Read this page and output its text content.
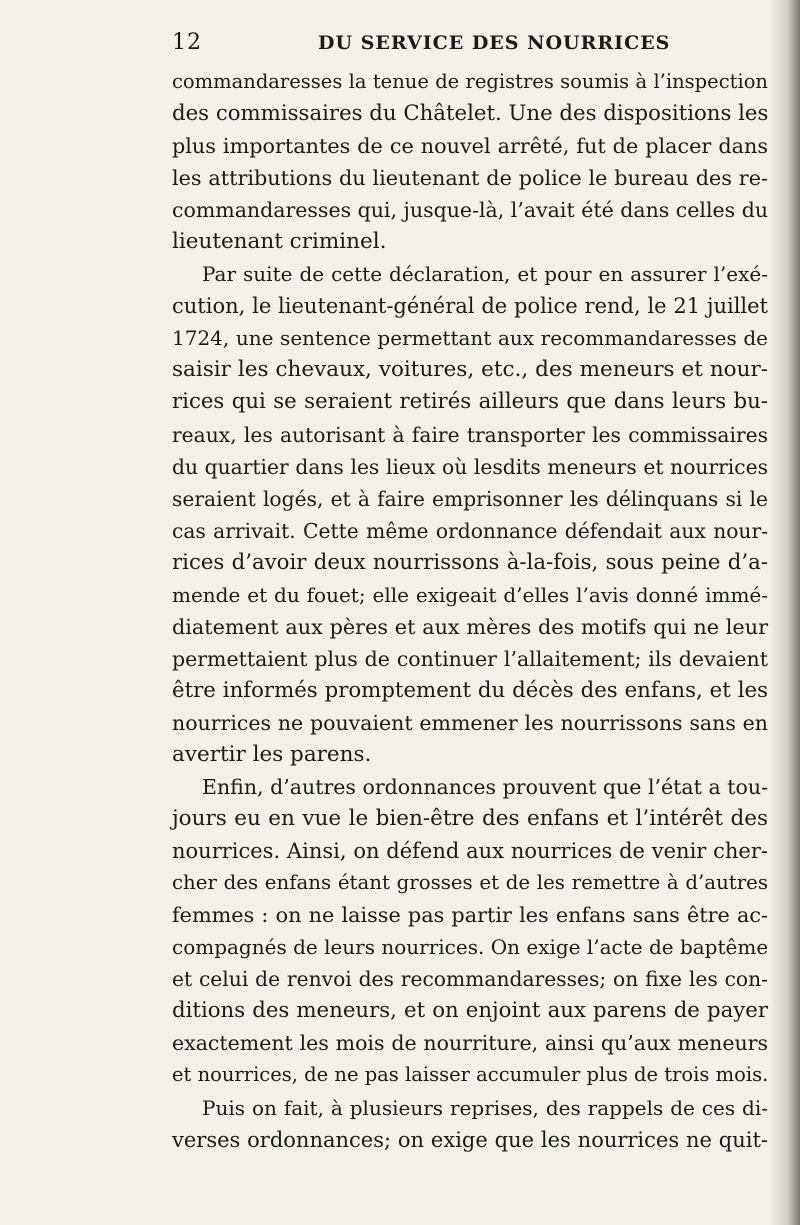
12	DU SERVICE DES NOURRICES
commandaresses la tenue de registres soumis à l’inspection
des commissaires du Châtelet. Une des dispositions les
plus importantes de ce nouvel arrêté, fut de placer dans
les attributions du lieutenant de police le bureau des re-
commandaresses qui, jusque-là, l’avait été dans celles du
lieutenant criminel.
Par suite de cette déclaration, et pour en assurer l’exé-
cution, le lieutenant-général de police rend, le 21 juillet
1724, une sentence permettant aux recommandaresses de
saisir les chevaux, voitures, etc., des meneurs et nour-
rices qui se seraient retirés ailleurs que dans leurs bu-
reaux, les autorisant à faire transporter les commissaires
du quartier dans les lieux où lesdits meneurs et nourrices
seraient logés, et à faire emprisonner les délinquans si le
cas arrivait. Cette même ordonnance défendait aux nour-
rices d’avoir deux nourrissons à-la-fois, sous peine d’a-
mende et du fouet; elle exigeait d’elles l’avis donné immé-
diatement aux pères et aux mères des motifs qui ne leur
permettaient plus de continuer l’allaitement; ils devaient
être informés promptement du décès des enfans, et les
nourrices ne pouvaient emmener les nourrissons sans en
avertir les parens.
Enfin, d’autres ordonnances prouvent que l’état a tou-
jours eu en vue le bien-être des enfans et l’intérêt des
nourrices. Ainsi, on défend aux nourrices de venir cher-
cher des enfans étant grosses et de les remettre à d’autres
femmes : on ne laisse pas partir les enfans sans être ac-
compagnés de leurs nourrices. On exige l’acte de baptême
et celui de renvoi des recommandaresses; on fixe les con-
ditions des meneurs, et on enjoint aux parens de payer
exactement les mois de nourriture, ainsi qu’aux meneurs
et nourrices, de ne pas laisser accumuler plus de trois mois.
Puis on fait, à plusieurs reprises, des rappels de ces di-
verses ordonnances; on exige que les nourrices ne quit-
